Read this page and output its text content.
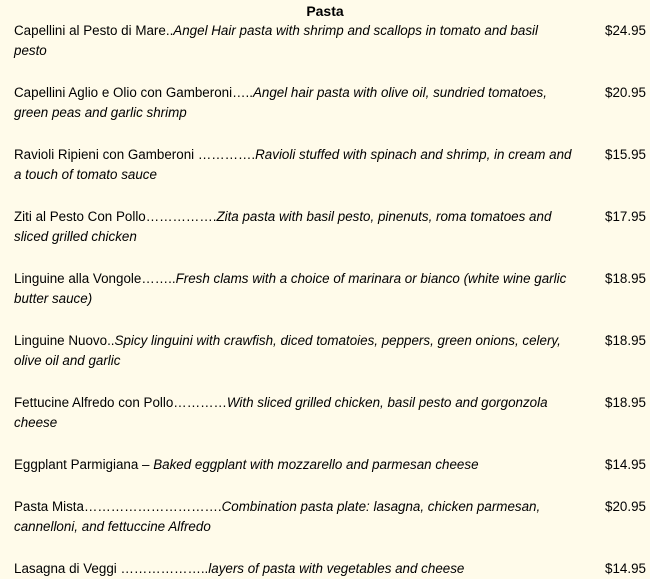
Pasta
Capellini al Pesto di Mare..Angel Hair pasta with shrimp and scallops in tomato and basil pesto
$24.95
Capellini Aglio e Olio con Gamberoni…..Angel hair pasta with olive oil, sundried tomatoes, green peas and garlic shrimp
$20.95
Ravioli Ripieni con Gamberoni ………….Ravioli stuffed with spinach and shrimp, in cream and a touch of tomato sauce
$15.95
Ziti al Pesto Con Pollo…………….Zita pasta with basil pesto, pinenuts, roma tomatoes and sliced grilled chicken
$17.95
Linguine alla Vongole……..Fresh clams with a choice of marinara or bianco (white wine garlic butter sauce)
$18.95
Linguine Nuovo..Spicy linguini with crawfish, diced tomatoies, peppers, green onions, celery, olive oil and garlic
$18.95
Fettucine Alfredo con Pollo…………With sliced grilled chicken, basil pesto and gorgonzola cheese
$18.95
Eggplant Parmigiana – Baked eggplant with mozzarello and parmesan cheese	$14.95
Pasta Mista………………………….Combination pasta plate: lasagna, chicken parmesan, cannelloni, and fettuccine Alfredo
$20.95
Lasagna di Veggi ………………..layers of pasta with vegetables and cheese	$14.95
